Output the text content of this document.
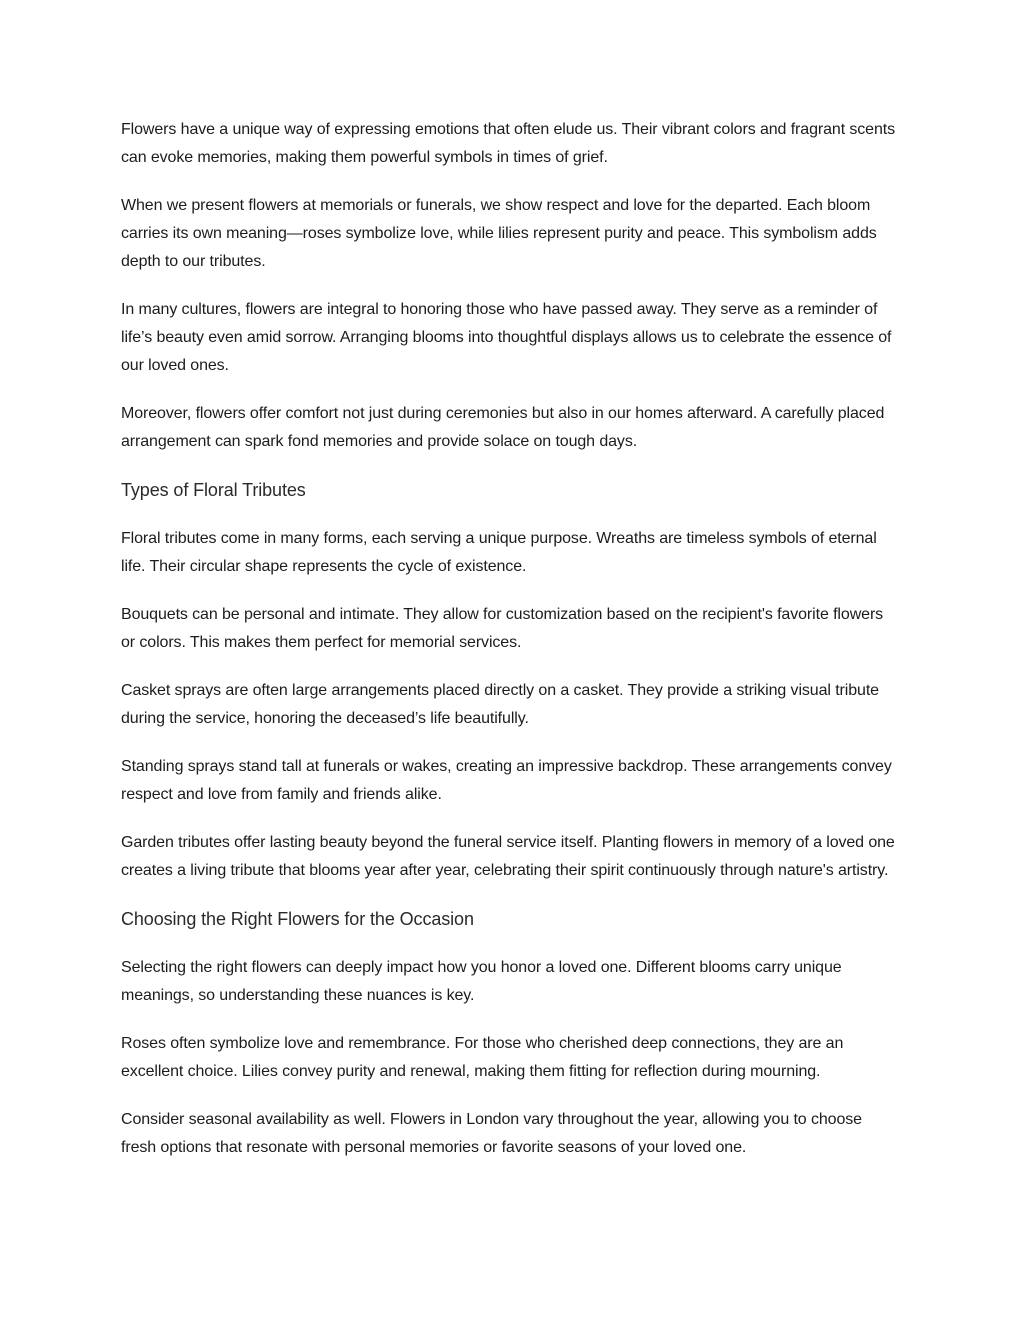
Flowers have a unique way of expressing emotions that often elude us. Their vibrant colors and fragrant scents can evoke memories, making them powerful symbols in times of grief.

When we present flowers at memorials or funerals, we show respect and love for the departed. Each bloom carries its own meaning—roses symbolize love, while lilies represent purity and peace. This symbolism adds depth to our tributes.

In many cultures, flowers are integral to honoring those who have passed away. They serve as a reminder of life’s beauty even amid sorrow. Arranging blooms into thoughtful displays allows us to celebrate the essence of our loved ones.

Moreover, flowers offer comfort not just during ceremonies but also in our homes afterward. A carefully placed arrangement can spark fond memories and provide solace on tough days.

Types of Floral Tributes

Floral tributes come in many forms, each serving a unique purpose. Wreaths are timeless symbols of eternal life. Their circular shape represents the cycle of existence.

Bouquets can be personal and intimate. They allow for customization based on the recipient's favorite flowers or colors. This makes them perfect for memorial services.

Casket sprays are often large arrangements placed directly on a casket. They provide a striking visual tribute during the service, honoring the deceased’s life beautifully.

Standing sprays stand tall at funerals or wakes, creating an impressive backdrop. These arrangements convey respect and love from family and friends alike.

Garden tributes offer lasting beauty beyond the funeral service itself. Planting flowers in memory of a loved one creates a living tribute that blooms year after year, celebrating their spirit continuously through nature's artistry.

Choosing the Right Flowers for the Occasion

Selecting the right flowers can deeply impact how you honor a loved one. Different blooms carry unique meanings, so understanding these nuances is key.

Roses often symbolize love and remembrance. For those who cherished deep connections, they are an excellent choice. Lilies convey purity and renewal, making them fitting for reflection during mourning.

Consider seasonal availability as well. Flowers in London vary throughout the year, allowing you to choose fresh options that resonate with personal memories or favorite seasons of your loved one.
